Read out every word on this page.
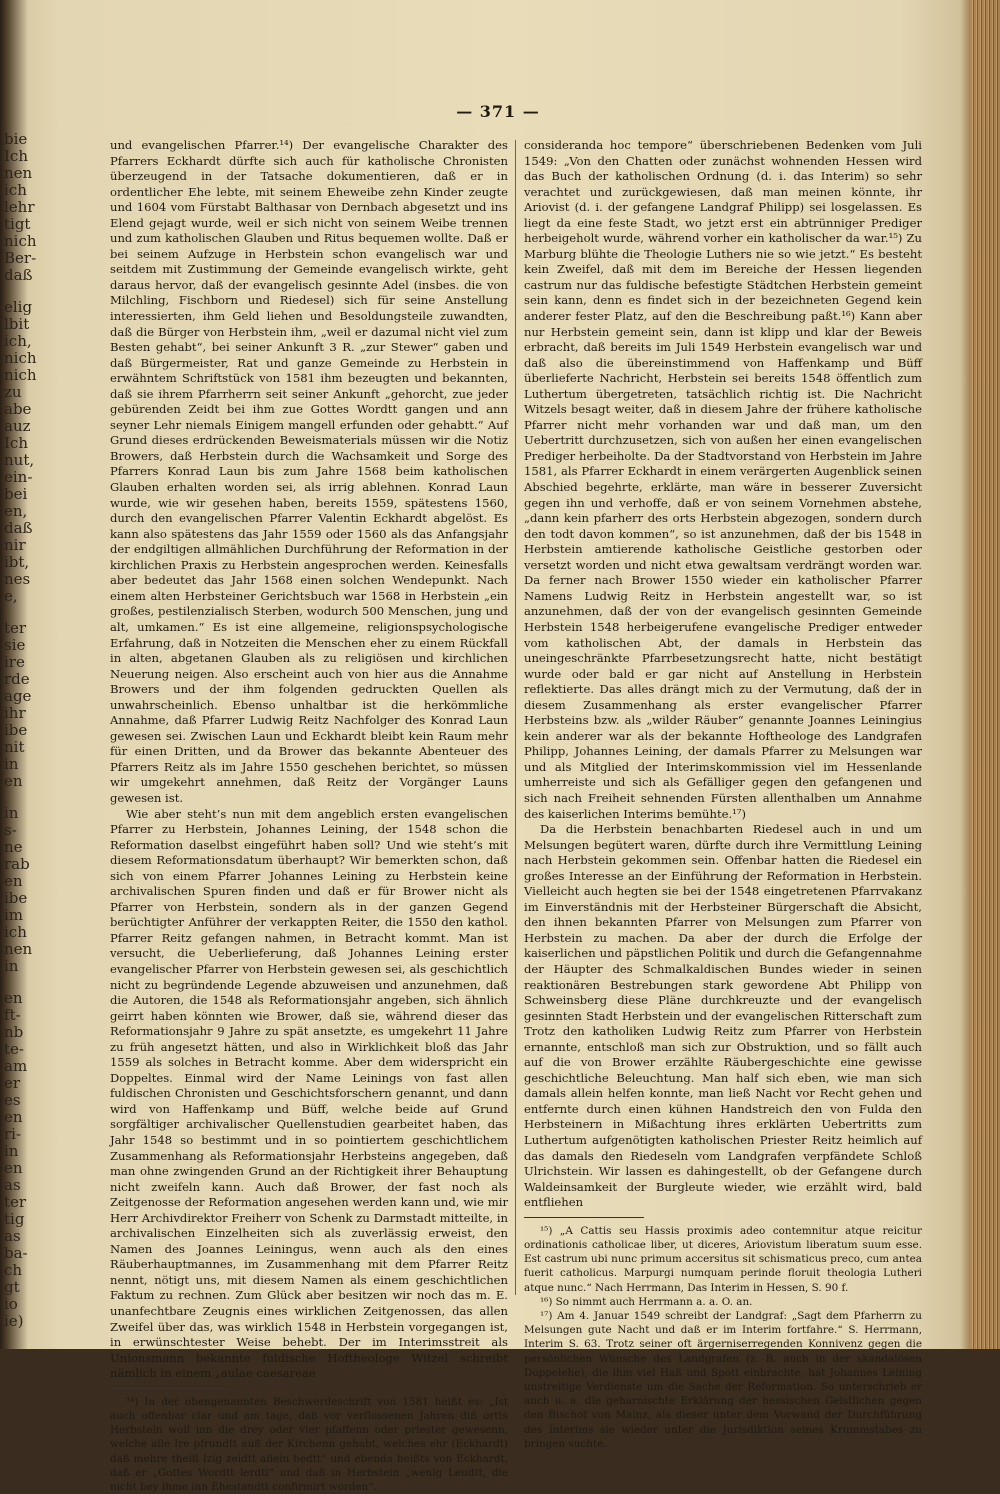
bie
Ich
nen
ich
lehr
tigt
nich
Ber-
daß
elig
lbit
ich,
nich
nich
zu
abe
auz
Ich
nut,
ein-
bei
en,
daß
nir
ibt,
nes
e,
ter
sie
ire
rde
age
ihr
ibe
nit
in
en
in
s-
ne
rab
en
ibe
im
ich
nen
in
en
ft-
nb
te-
am
er
es
en
ri-
in
en
as
ter
tig
as
ba-
ch
gt
io
ie)
— 371 —

und evangelischen Pfarrer.¹⁴) Der evangelische Charakter des Pfarrers Eckhardt dürfte sich auch für katholische Chronisten überzeugend in der Tatsache dokumentieren, daß er in ordentlicher Ehe lebte, mit seinem Eheweibe zehn Kinder zeugte und 1604 vom Fürstabt Balthasar von Dernbach abgesetzt und ins Elend gejagt wurde, weil er sich nicht von seinem Weibe trennen und zum katholischen Glauben und Ritus bequemen wollte. Daß er bei seinem Aufzuge in Herbstein schon evangelisch war und seitdem mit Zustimmung der Gemeinde evangelisch wirkte, geht daraus hervor, daß der evangelisch gesinnte Adel (insbes. die von Milchling, Fischborn und Riedesel) sich für seine Anstellung interessierten, ihm Geld liehen und Besoldungsteile zuwandten, daß die Bürger von Herbstein ihm, „weil er dazumal nicht viel zum Besten gehabt“, bei seiner Ankunft 3 R. „zur Stewer“ gaben und daß Bürgermeister, Rat und ganze Gemeinde zu Herbstein in erwähntem Schriftstück von 1581 ihm bezeugten und bekannten, daß sie ihrem Pfarrherrn seit seiner Ankunft „gehorcht, zue jeder gebürenden Zeidt bei ihm zue Gottes Wordtt gangen und ann seyner Lehr niemals Einigem mangell erfunden oder gehabtt.“ Auf Grund dieses erdrückenden Beweismaterials müssen wir die Notiz Browers, daß Herbstein durch die Wachsamkeit und Sorge des Pfarrers Konrad Laun bis zum Jahre 1568 beim katholischen Glauben erhalten worden sei, als irrig ablehnen. Konrad Laun wurde, wie wir gesehen haben, bereits 1559, spätestens 1560, durch den evangelischen Pfarrer Valentin Eckhardt abgelöst. Es kann also spätestens das Jahr 1559 oder 1560 als das Anfangsjahr der endgiltigen allmählichen Durchführung der Reformation in der kirchlichen Praxis zu Herbstein angesprochen werden. Keinesfalls aber bedeutet das Jahr 1568 einen solchen Wendepunkt. Nach einem alten Herbsteiner Gerichtsbuch war 1568 in Herbstein „ein großes, pestilenzialisch Sterben, wodurch 500 Menschen, jung und alt, umkamen.“ Es ist eine allgemeine, religionspsychologische Erfahrung, daß in Notzeiten die Menschen eher zu einem Rückfall in alten, abgetanen Glauben als zu religiösen und kirchlichen Neuerung neigen. Also erscheint auch von hier aus die Annahme Browers und der ihm folgenden gedruckten Quellen als unwahrscheinlich. Ebenso unhaltbar ist die herkömmliche Annahme, daß Pfarrer Ludwig Reitz Nachfolger des Konrad Laun gewesen sei. Zwischen Laun und Eckhardt bleibt kein Raum mehr für einen Dritten, und da Brower das bekannte Abenteuer des Pfarrers Reitz als im Jahre 1550 geschehen berichtet, so müssen wir umgekehrt annehmen, daß Reitz der Vorgänger Launs gewesen ist.

Wie aber steht’s nun mit dem angeblich ersten evangelischen Pfarrer zu Herbstein, Johannes Leining, der 1548 schon die Reformation daselbst eingeführt haben soll? Und wie steht’s mit diesem Reformationsdatum überhaupt? Wir bemerkten schon, daß sich von einem Pfarrer Johannes Leining zu Herbstein keine archivalischen Spuren finden und daß er für Brower nicht als Pfarrer von Herbstein, sondern als in der ganzen Gegend berüchtigter Anführer der verkappten Reiter, die 1550 den kathol. Pfarrer Reitz gefangen nahmen, in Betracht kommt. Man ist versucht, die Ueberlieferung, daß Johannes Leining erster evangelischer Pfarrer von Herbstein gewesen sei, als geschichtlich nicht zu begründende Legende abzuweisen und anzunehmen, daß die Autoren, die 1548 als Reformationsjahr angeben, sich ähnlich geirrt haben könnten wie Brower, daß sie, während dieser das Reformationsjahr 9 Jahre zu spät ansetzte, es umgekehrt 11 Jahre zu früh angesetzt hätten, und also in Wirklichkeit bloß das Jahr 1559 als solches in Betracht komme. Aber dem widerspricht ein Doppeltes. Einmal wird der Name Leinings von fast allen fuldischen Chronisten und Geschichtsforschern genannt, und dann wird von Haffenkamp und Büff, welche beide auf Grund sorgfältiger archivalischer Quellenstudien gearbeitet haben, das Jahr 1548 so bestimmt und in so pointiertem geschichtlichem Zusammenhang als Reformationsjahr Herbsteins angegeben, daß man ohne zwingenden Grund an der Richtigkeit ihrer Behauptung nicht zweifeln kann. Auch daß Brower, der fast noch als Zeitgenosse der Reformation angesehen werden kann und, wie mir Herr Archivdirektor Freiherr von Schenk zu Darmstadt mitteilte, in archivalischen Einzelheiten sich als zuverlässig erweist, den Namen des Joannes Leiningus, wenn auch als den eines Räuberhauptmannes, im Zusammenhang mit dem Pfarrer Reitz nennt, nötigt uns, mit diesem Namen als einem geschichtlichen Faktum zu rechnen. Zum Glück aber besitzen wir noch das m. E. unanfechtbare Zeugnis eines wirklichen Zeitgenossen, das allen Zweifel über das, was wirklich 1548 in Herbstein vorgegangen ist, in erwünschtester Weise behebt. Der im Interimsstreit als Unionsmann bekannte fuldische Hoftheologe Witzel schreibt nämlich in einem „aulae caesareae

¹⁴) In der obengenannten Beschwerdeschrift von 1581 heißt es: „Ist auch offenbar clar und am tage, daß vor verflossenen Jahren diß ortts Herbstein woll inn die drey oder vier pfaffenn oder priester gewesenn, welche alle Ire pfrundtt auß der Kirchenn gehabt, welches ehr (Eckhardt) daß mehre theill Izig zeidtt allein hedtt“ und ebenda heißts von Eckhardt, daß er „Gottes Wordtt lerdti“ und daß in Herbstein „wenig Leudtt, die nicht bey ihme inn Ehestandtt confirmirt worden“.

consideranda hoc tempore“ überschriebenen Bedenken vom Juli 1549: „Von den Chatten oder zunächst wohnenden Hessen wird das Buch der katholischen Ordnung (d. i. das Interim) so sehr verachtet und zurückgewiesen, daß man meinen könnte, ihr Ariovist (d. i. der gefangene Landgraf Philipp) sei losgelassen. Es liegt da eine feste Stadt, wo jetzt erst ein abtrünniger Prediger herbeigeholt wurde, während vorher ein katholischer da war.¹⁵) Zu Marburg blühte die Theologie Luthers nie so wie jetzt.“ Es besteht kein Zweifel, daß mit dem im Bereiche der Hessen liegenden castrum nur das fuldische befestigte Städtchen Herbstein gemeint sein kann, denn es findet sich in der bezeichneten Gegend kein anderer fester Platz, auf den die Beschreibung paßt.¹⁶) Kann aber nur Herbstein gemeint sein, dann ist klipp und klar der Beweis erbracht, daß bereits im Juli 1549 Herbstein evangelisch war und daß also die übereinstimmend von Haffenkamp und Büff überlieferte Nachricht, Herbstein sei bereits 1548 öffentlich zum Luthertum übergetreten, tatsächlich richtig ist. Die Nachricht Witzels besagt weiter, daß in diesem Jahre der frühere katholische Pfarrer nicht mehr vorhanden war und daß man, um den Uebertritt durchzusetzen, sich von außen her einen evangelischen Prediger herbeiholte. Da der Stadtvorstand von Herbstein im Jahre 1581, als Pfarrer Eckhardt in einem verärgerten Augenblick seinen Abschied begehrte, erklärte, man wäre in besserer Zuversicht gegen ihn und verhoffe, daß er von seinem Vornehmen abstehe, „dann kein pfarherr des orts Herbstein abgezogen, sondern durch den todt davon kommen“, so ist anzunehmen, daß der bis 1548 in Herbstein amtierende katholische Geistliche gestorben oder versetzt worden und nicht etwa gewaltsam verdrängt worden war. Da ferner nach Brower 1550 wieder ein katholischer Pfarrer Namens Ludwig Reitz in Herbstein angestellt war, so ist anzunehmen, daß der von der evangelisch gesinnten Gemeinde Herbstein 1548 herbeigerufene evangelische Prediger entweder vom katholischen Abt, der damals in Herbstein das uneingeschränkte Pfarrbesetzungsrecht hatte, nicht bestätigt wurde oder bald er gar nicht auf Anstellung in Herbstein reflektierte. Das alles drängt mich zu der Vermutung, daß der in diesem Zusammenhang als erster evangelischer Pfarrer Herbsteins bzw. als „wilder Räuber“ genannte Joannes Leiningius kein anderer war als der bekannte Hoftheologe des Landgrafen Philipp, Johannes Leining, der damals Pfarrer zu Melsungen war und als Mitglied der Interimskommission viel im Hessenlande umherreiste und sich als Gefälliger gegen den gefangenen und sich nach Freiheit sehnenden Fürsten allenthalben um Annahme des kaiserlichen Interims bemühte.¹⁷)

Da die Herbstein benachbarten Riedesel auch in und um Melsungen begütert waren, dürfte durch ihre Vermittlung Leining nach Herbstein gekommen sein. Offenbar hatten die Riedesel ein großes Interesse an der Einführung der Reformation in Herbstein. Vielleicht auch hegten sie bei der 1548 eingetretenen Pfarrvakanz im Einverständnis mit der Herbsteiner Bürgerschaft die Absicht, den ihnen bekannten Pfarrer von Melsungen zum Pfarrer von Herbstein zu machen. Da aber der durch die Erfolge der kaiserlichen und päpstlichen Politik und durch die Gefangennahme der Häupter des Schmalkaldischen Bundes wieder in seinen reaktionären Bestrebungen stark gewordene Abt Philipp von Schweinsberg diese Pläne durchkreuzte und der evangelisch gesinnten Stadt Herbstein und der evangelischen Ritterschaft zum Trotz den katholiken Ludwig Reitz zum Pfarrer von Herbstein ernannte, entschloß man sich zur Obstruktion, und so fällt auch auf die von Brower erzählte Räubergeschichte eine gewisse geschichtliche Beleuchtung. Man half sich eben, wie man sich damals allein helfen konnte, man ließ Nacht vor Recht gehen und entfernte durch einen kühnen Handstreich den von Fulda den Herbsteinern in Mißachtung ihres erklärten Uebertritts zum Luthertum aufgenötigten katholischen Priester Reitz heimlich auf das damals den Riedeseln vom Landgrafen verpfändete Schloß Ulrichstein. Wir lassen es dahingestellt, ob der Gefangene durch Waldeinsamkeit der Burgleute wieder, wie erzählt wird, bald entfliehen

¹⁵) „A Cattis seu Hassis proximis adeo contemnitur atque reicitur ordinationis catholicae liber, ut diceres, Ariovistum liberatum suum esse. Est castrum ubi nunc primum accersitus sit schismaticus preco, cum antea fuerit catholicus. Marpurgi numquam perinde floruit theologia Lutheri atque nunc.“ Nach Herrmann, Das Interim in Hessen, S. 90 f.

¹⁶) So nimmt auch Herrmann a. a. O. an.

¹⁷) Am 4. Januar 1549 schreibt der Landgraf: „Sagt dem Pfarherrn zu Melsungen gute Nacht und daß er im Interim fortfahre.“ S. Herrmann, Interim S. 63. Trotz seiner oft ärgerniserregenden Konnivenz gegen die persönlichen Wünsche des Landgrafen (z. B. auch in der skandalösen Doppelehe), die ihm viel Haß und Spott einbrachte, hat Johannes Leining unstreitige Verdienste um die Sache der Reformation. So unterschrieb er auch u. a. die geharnischte Erklärung der hessischen Geistlichen gegen den Bischof von Mainz, als dieser unter dem Vorwand der Durchführung des Interims sie wieder unter die Jurisdiktion seines Krummstabes zu bringen suchte.
